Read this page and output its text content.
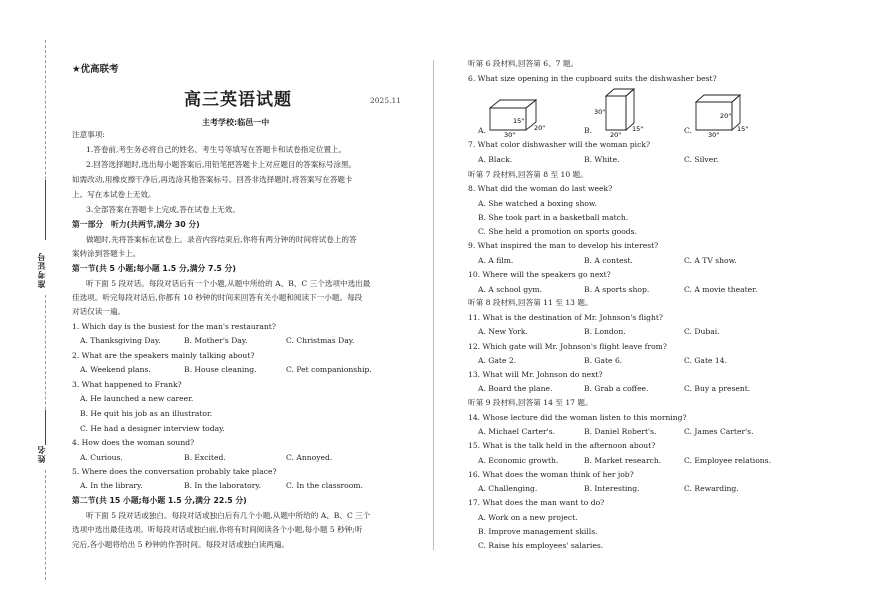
准考证号
姓名
★优高联考
高三英语试题	2025.11
主考学校:临邑一中
注意事项:
1.答卷前,考生务必将自己的姓名、考生号等填写在答题卡和试卷指定位置上。
2.回答选择题时,选出每小题答案后,用铅笔把答题卡上对应题目的答案标号涂黑。
如需改动,用橡皮擦干净后,再选涂其他答案标号。回答非选择题时,将答案写在答题卡
上。写在本试卷上无效。
3.全部答案在答题卡上完成,答在试卷上无效。
第一部分　听力(共两节,满分 30 分)
做题时,先将答案标在试卷上。录音内容结束后,你将有两分钟的时间将试卷上的答
案转涂到答题卡上。
第一节(共 5 小题;每小题 1.5 分,满分 7.5 分)
听下面 5 段对话。每段对话后有一个小题,从题中所给的 A、B、C 三个选项中选出最
佳选项。听完每段对话后,你都有 10 秒钟的时间来回答有关小题和阅读下一小题。每段
对话仅读一遍。
1. Which day is the busiest for the man's restaurant?
A. Thanksgiving Day.	B. Mother's Day.	C. Christmas Day.
2. What are the speakers mainly talking about?
A. Weekend plans.	B. House cleaning.	C. Pet companionship.
3. What happened to Frank?
A. He launched a new career.
B. He quit his job as an illustrator.
C. He had a designer interview today.
4. How does the woman sound?
A. Curious.	B. Excited.	C. Annoyed.
5. Where does the conversation probably take place?
A. In the library.	B. In the laboratory.	C. In the classroom.
第二节(共 15 小题;每小题 1.5 分,满分 22.5 分)
听下面 5 段对话或独白。每段对话或独白后有几个小题,从题中所给的 A、B、C 三个
选项中选出最佳选项。听每段对话或独白前,你将有时间阅读各个小题,每小题 5 秒钟;听
完后,各小题将给出 5 秒钟的作答时间。每段对话或独白读两遍。
听第 6 段材料,回答第 6、7 题。
6. What size opening in the cupboard suits the dishwasher best?
A.
15"
30"
20"	B.
30"
20"
15"	C.
20"
30"
15"
7. What color dishwasher will the woman pick?
A. Black.	B. White.	C. Silver.
听第 7 段材料,回答第 8 至 10 题。
8. What did the woman do last week?
A. She watched a boxing show.
B. She took part in a basketball match.
C. She held a promotion on sports goods.
9. What inspired the man to develop his interest?
A. A film.	B. A contest.	C. A TV show.
10. Where will the speakers go next?
A. A school gym.	B. A sports shop.	C. A movie theater.
听第 8 段材料,回答第 11 至 13 题。
11. What is the destination of Mr. Johnson's flight?
A. New York.	B. London.	C. Dubai.
12. Which gate will Mr. Johnson's flight leave from?
A. Gate 2.	B. Gate 6.	C. Gate 14.
13. What will Mr. Johnson do next?
A. Board the plane.	B. Grab a coffee.	C. Buy a present.
听第 9 段材料,回答第 14 至 17 题。
14. Whose lecture did the woman listen to this morning?
A. Michael Carter's.	B. Daniel Robert's.	C. James Carter's.
15. What is the talk held in the afternoon about?
A. Economic growth.	B. Market research.	C. Employee relations.
16. What does the woman think of her job?
A. Challenging.	B. Interesting.	C. Rewarding.
17. What does the man want to do?
A. Work on a new project.
B. Improve management skills.
C. Raise his employees' salaries.
